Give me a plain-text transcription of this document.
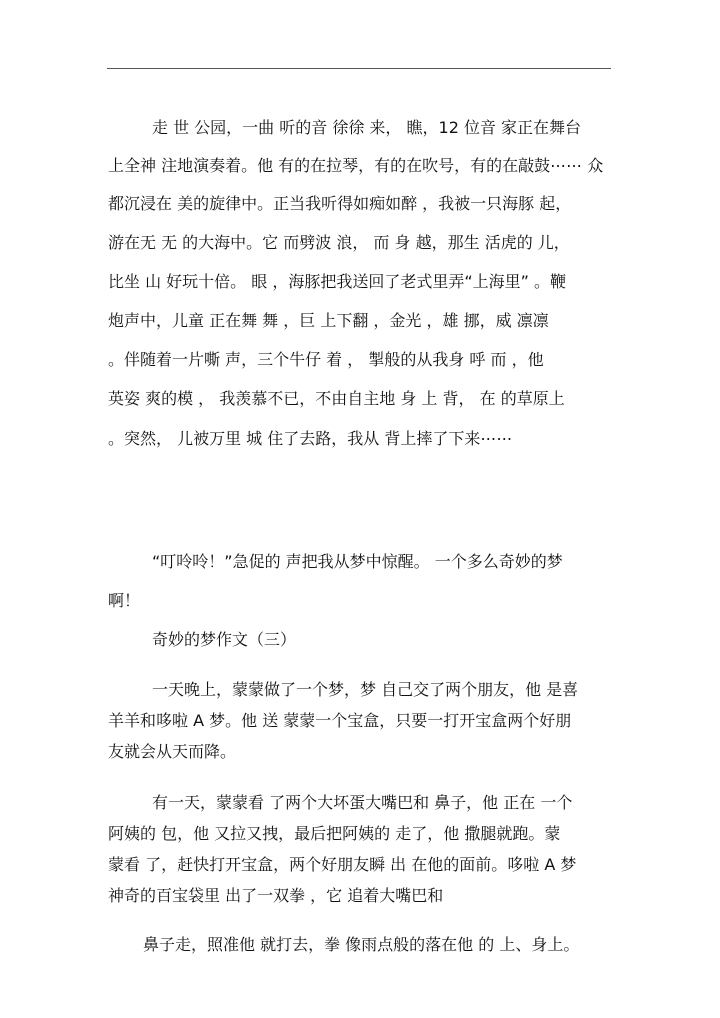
走 世 公园，一曲 听的音 徐徐 来， 瞧，12 位音 家正在舞台
上全神 注地演奏着。他 有的在拉琴，有的在吹号，有的在敲鼓⋯⋯ 众
都沉浸在 美的旋律中。正当我听得如痴如醉 ，我被一只海豚 起，
游在无 无 的大海中。它 而劈波 浪， 而 身 越，那生 活虎的 儿，
比坐 山 好玩十倍。 眼 ，海豚把我送回了老式里弄“上海里” 。鞭
炮声中，儿童 正在舞 舞 ，巨 上下翻 ，金光 ，雄 挪，威 凛凛
。伴随着一片嘶 声，三个牛仔 着 ， 掣般的从我身 呼 而 ，他
英姿 爽的模 ， 我羡慕不已，不由自主地 身 上 背， 在 的草原上
。突然， 儿被万里 城 住了去路，我从 背上摔了下来⋯⋯
“叮呤呤！”急促的 声把我从梦中惊醒。 一个多么奇妙的梦
啊！
奇妙的梦作文（三）
一天晚上，蒙蒙做了一个梦，梦 自己交了两个朋友，他 是喜
羊羊和哆啦 A 梦。他 送 蒙蒙一个宝盒，只要一打开宝盒两个好朋
友就会从天而降。
有一天，蒙蒙看 了两个大坏蛋大嘴巴和 鼻子，他 正在 一个
阿姨的 包，他 又拉又拽，最后把阿姨的 走了，他 撒腿就跑。蒙
蒙看 了，赶快打开宝盒，两个好朋友瞬 出 在他的面前。哆啦 A 梦
神奇的百宝袋里 出了一双拳 ，它 追着大嘴巴和
鼻子走，照准他 就打去，拳 像雨点般的落在他 的 上、身上。
